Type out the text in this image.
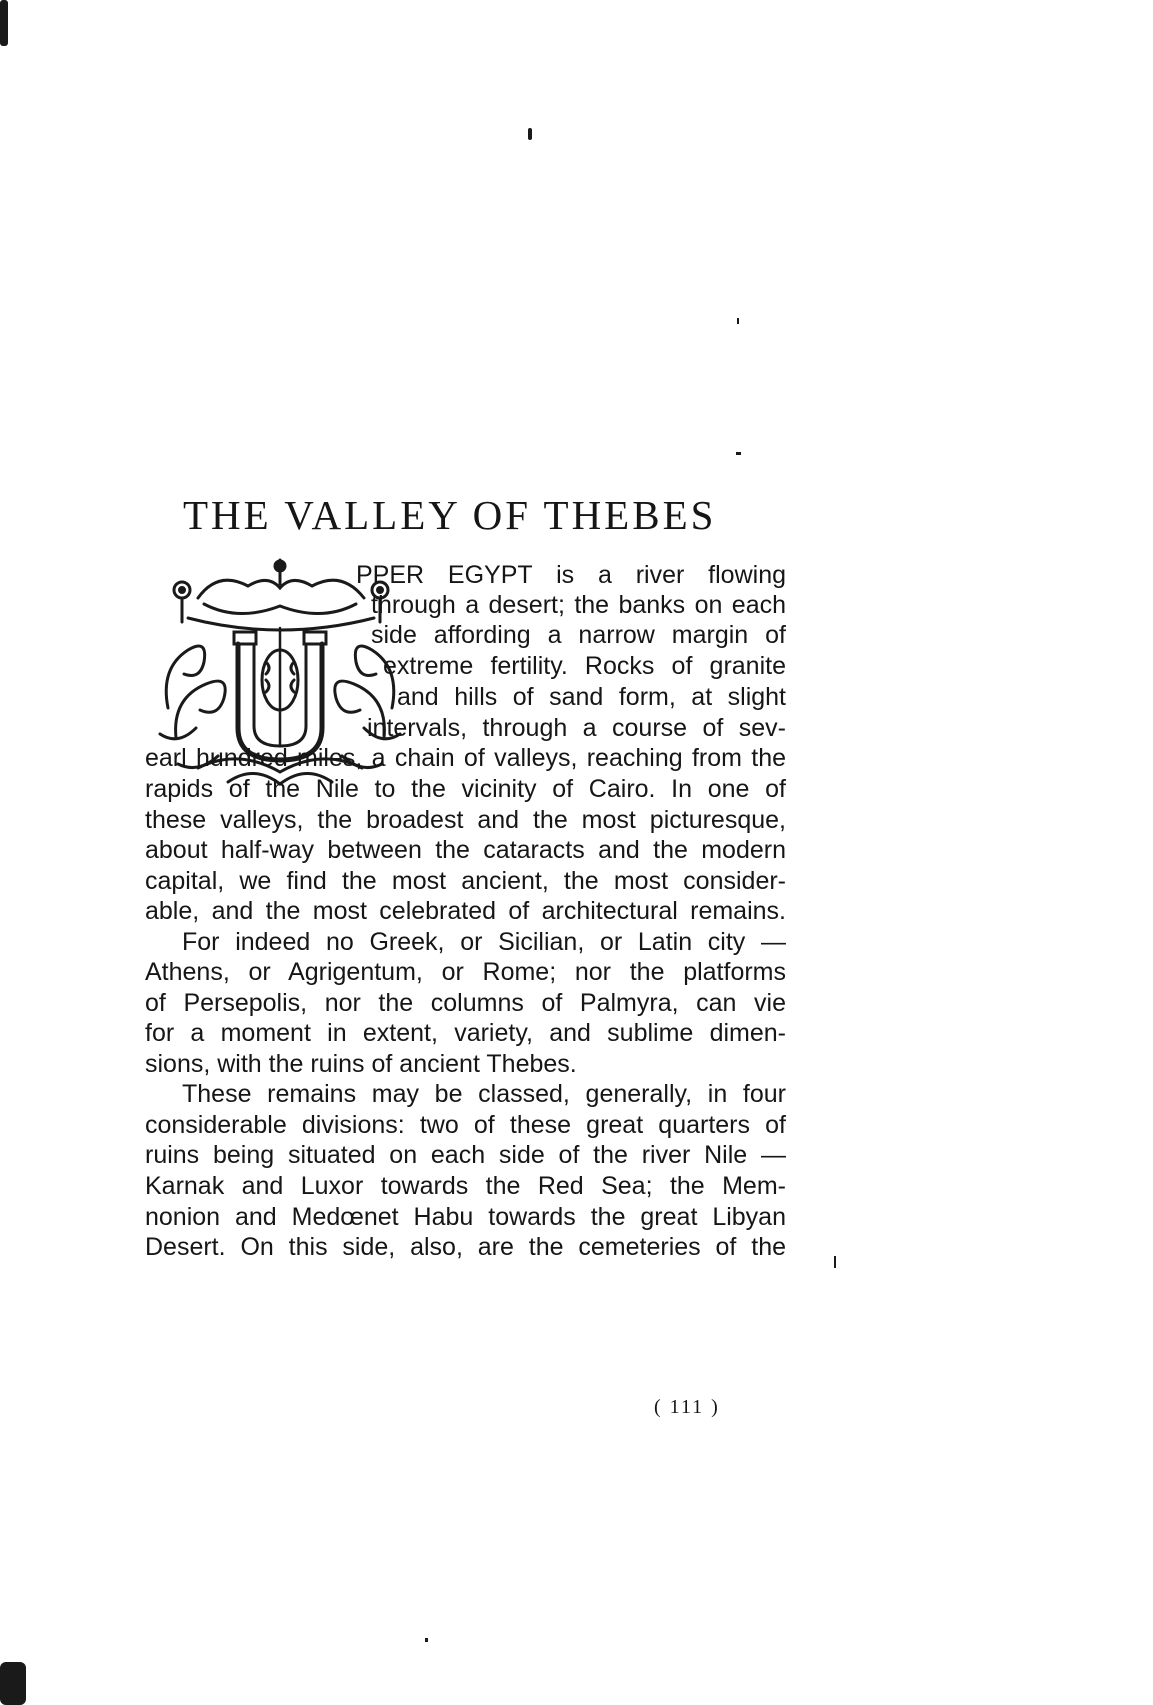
THE VALLEY OF THEBES
PPER EGYPT is a river flowing
through a desert; the banks on each
side affording a narrow margin of
extreme fertility. Rocks of granite
and hills of sand form, at slight
intervals, through a course of sev-
earl hundred miles, a chain of valleys, reaching from the
rapids of the Nile to the vicinity of Cairo. In one of
these valleys, the broadest and the most picturesque,
about half-way between the cataracts and the modern
capital, we find the most ancient, the most consider-
able, and the most celebrated of architectural remains.
For indeed no Greek, or Sicilian, or Latin city —
Athens, or Agrigentum, or Rome; nor the platforms
of Persepolis, nor the columns of Palmyra, can vie
for a moment in extent, variety, and sublime dimen-
sions, with the ruins of ancient Thebes.
These remains may be classed, generally, in four
considerable divisions: two of these great quarters of
ruins being situated on each side of the river Nile —
Karnak and Luxor towards the Red Sea; the Mem-
nonion and Medœnet Habu towards the great Libyan
Desert. On this side, also, are the cemeteries of the
( 111 )
